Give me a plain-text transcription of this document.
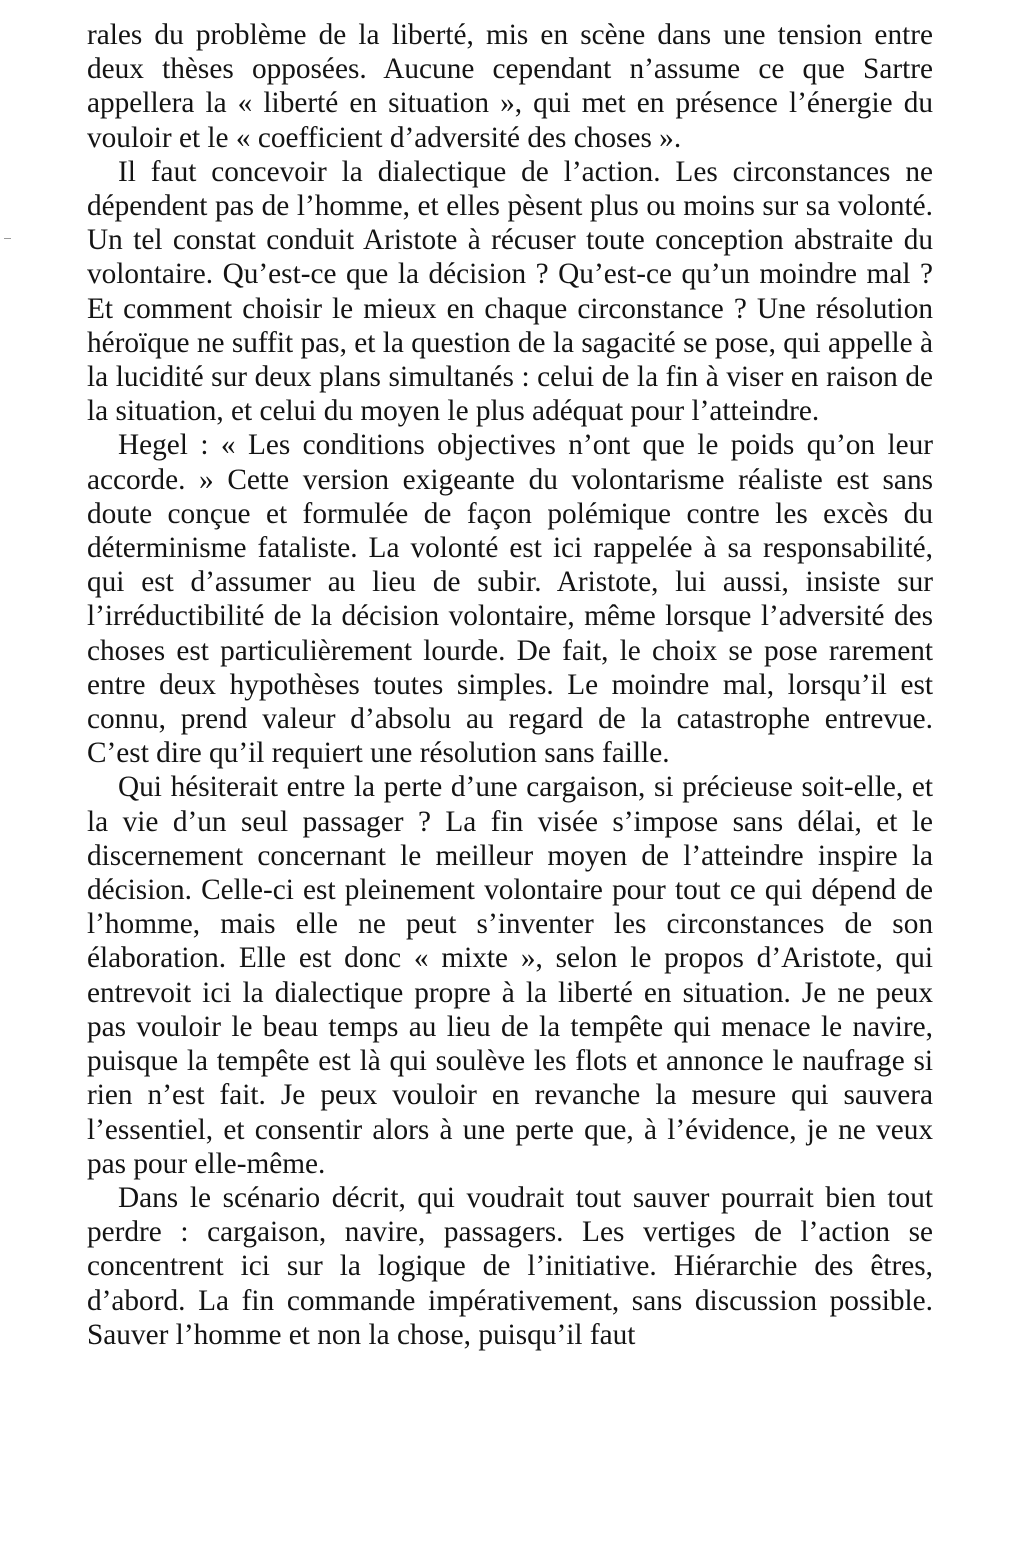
rales du problème de la liberté, mis en scène dans une tension entre deux thèses opposées. Aucune cependant n’assume ce que Sartre appellera la « liberté en situation », qui met en présence l’énergie du vouloir et le « coefficient d’adversité des choses ».

Il faut concevoir la dialectique de l’action. Les circonstances ne dépendent pas de l’homme, et elles pèsent plus ou moins sur sa volonté. Un tel constat conduit Aristote à récuser toute conception abstraite du volontaire. Qu’est-ce que la décision ? Qu’est-ce qu’un moindre mal ? Et comment choisir le mieux en chaque circonstance ? Une résolution héroïque ne suffit pas, et la question de la sagacité se pose, qui appelle à la lucidité sur deux plans simultanés : celui de la fin à viser en raison de la situation, et celui du moyen le plus adéquat pour l’atteindre.

Hegel : « Les conditions objectives n’ont que le poids qu’on leur accorde. » Cette version exigeante du volontarisme réaliste est sans doute conçue et formulée de façon polémique contre les excès du déterminisme fataliste. La volonté est ici rappelée à sa responsabilité, qui est d’assumer au lieu de subir. Aristote, lui aussi, insiste sur l’irréductibilité de la décision volontaire, même lorsque l’adversité des choses est particulièrement lourde. De fait, le choix se pose rarement entre deux hypothèses toutes simples. Le moindre mal, lorsqu’il est connu, prend valeur d’absolu au regard de la catastrophe entrevue. C’est dire qu’il requiert une résolution sans faille.

Qui hésiterait entre la perte d’une cargaison, si précieuse soit-elle, et la vie d’un seul passager ? La fin visée s’impose sans délai, et le discernement concernant le meilleur moyen de l’atteindre inspire la décision. Celle-ci est pleinement volontaire pour tout ce qui dépend de l’homme, mais elle ne peut s’inventer les circonstances de son élaboration. Elle est donc « mixte », selon le propos d’Aristote, qui entrevoit ici la dialectique propre à la liberté en situation. Je ne peux pas vouloir le beau temps au lieu de la tempête qui menace le navire, puisque la tempête est là qui soulève les flots et annonce le naufrage si rien n’est fait. Je peux vouloir en revanche la mesure qui sauvera l’essentiel, et consentir alors à une perte que, à l’évidence, je ne veux pas pour elle-même.

Dans le scénario décrit, qui voudrait tout sauver pourrait bien tout perdre : cargaison, navire, passagers. Les vertiges de l’action se concentrent ici sur la logique de l’initiative. Hiérarchie des êtres, d’abord. La fin commande impérativement, sans discussion possible. Sauver l’homme et non la chose, puisqu’il faut
